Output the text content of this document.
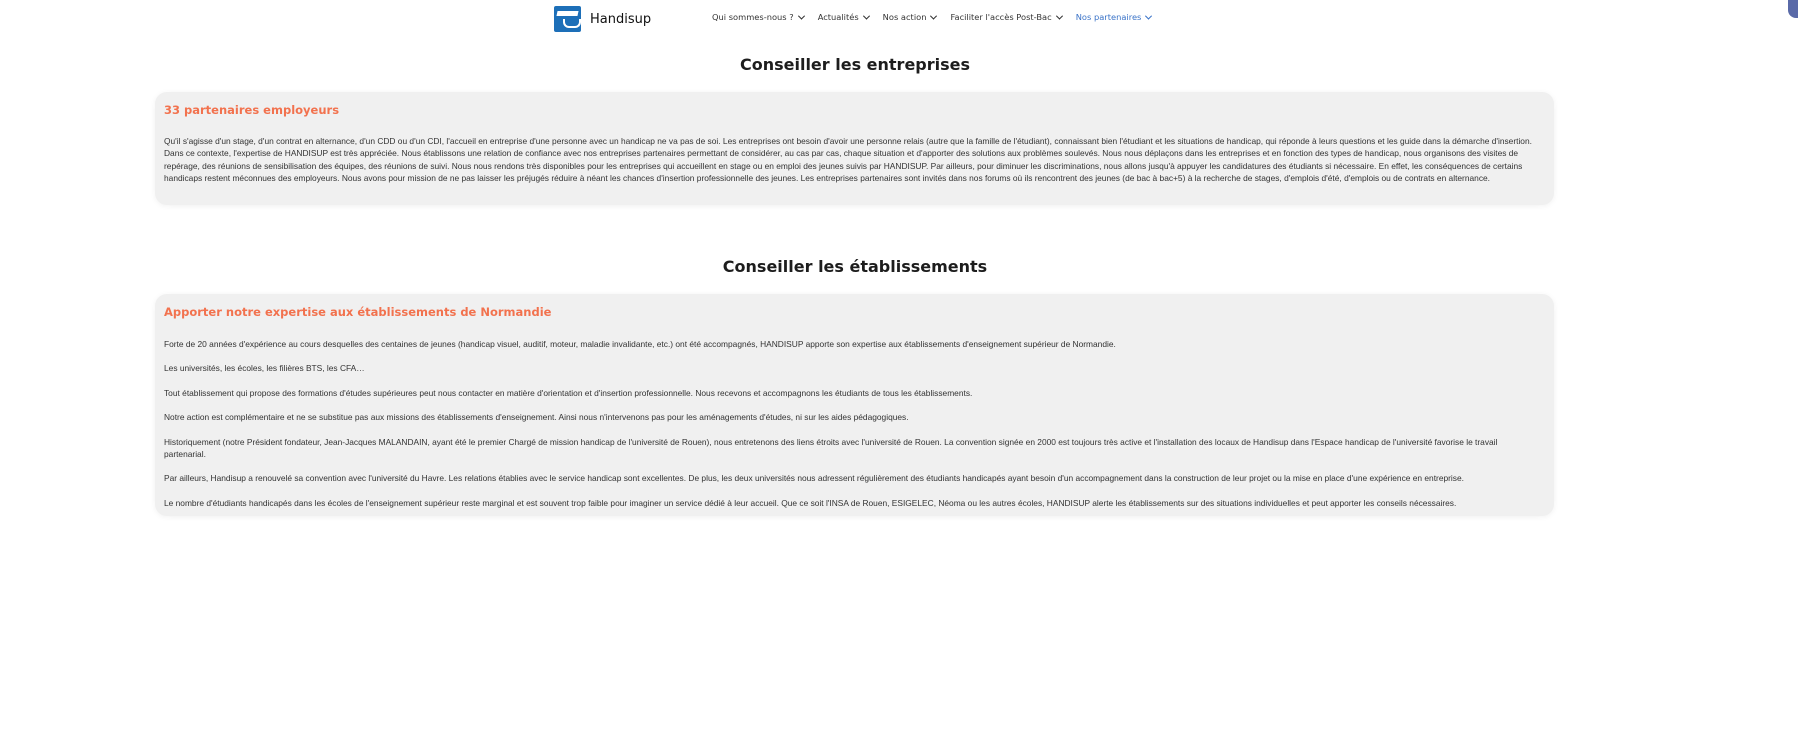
Handisup	Qui sommes-nous ?	Actualités	Nos action	Faciliter l'accès Post-Bac	Nos partenaires
Conseiller les entreprises
33 partenaires employeurs

Qu'il s'agisse d'un stage, d'un contrat en alternance, d'un CDD ou d'un CDI, l'accueil en entreprise d'une personne avec un handicap ne va pas de soi. Les entreprises ont besoin d'avoir une personne relais (autre que la famille de l'étudiant), connaissant bien l'étudiant et les situations de handicap, qui réponde à leurs questions et les guide dans la démarche d'insertion. Dans ce contexte, l'expertise de HANDISUP est très appréciée. Nous établissons une relation de confiance avec nos entreprises partenaires permettant de considérer, au cas par cas, chaque situation et d'apporter des solutions aux problèmes soulevés. Nous nous déplaçons dans les entreprises et en fonction des types de handicap, nous organisons des visites de repérage, des réunions de sensibilisation des équipes, des réunions de suivi. Nous nous rendons très disponibles pour les entreprises qui accueillent en stage ou en emploi des jeunes suivis par HANDISUP. Par ailleurs, pour diminuer les discriminations, nous allons jusqu'à appuyer les candidatures des étudiants si nécessaire. En effet, les conséquences de certains handicaps restent méconnues des employeurs. Nous avons pour mission de ne pas laisser les préjugés réduire à néant les chances d'insertion professionnelle des jeunes. Les entreprises partenaires sont invités dans nos forums où ils rencontrent des jeunes (de bac à bac+5) à la recherche de stages, d'emplois d'été, d'emplois ou de contrats en alternance.

Conseiller les établissements
Apporter notre expertise aux établissements de Normandie

Forte de 20 années d'expérience au cours desquelles des centaines de jeunes (handicap visuel, auditif, moteur, maladie invalidante, etc.) ont été accompagnés, HANDISUP apporte son expertise aux établissements d'enseignement supérieur de Normandie.

Les universités, les écoles, les filières BTS, les CFA…

Tout établissement qui propose des formations d'études supérieures peut nous contacter en matière d'orientation et d'insertion professionnelle. Nous recevons et accompagnons les étudiants de tous les établissements.

Notre action est complémentaire et ne se substitue pas aux missions des établissements d'enseignement. Ainsi nous n'intervenons pas pour les aménagements d'études, ni sur les aides pédagogiques.

Historiquement (notre Président fondateur, Jean-Jacques MALANDAIN, ayant été le premier Chargé de mission handicap de l'université de Rouen), nous entretenons des liens étroits avec l'université de Rouen. La convention signée en 2000 est toujours très active et l'installation des locaux de Handisup dans l'Espace handicap de l'université favorise le travail partenarial.

Par ailleurs, Handisup a renouvelé sa convention avec l'université du Havre. Les relations établies avec le service handicap sont excellentes. De plus, les deux universités nous adressent régulièrement des étudiants handicapés ayant besoin d'un accompagnement dans la construction de leur projet ou la mise en place d'une expérience en entreprise.

Le nombre d'étudiants handicapés dans les écoles de l'enseignement supérieur reste marginal et est souvent trop faible pour imaginer un service dédié à leur accueil. Que ce soit l'INSA de Rouen, ESIGELEC, Néoma ou les autres écoles, HANDISUP alerte les établissements sur des situations individuelles et peut apporter les conseils nécessaires.
